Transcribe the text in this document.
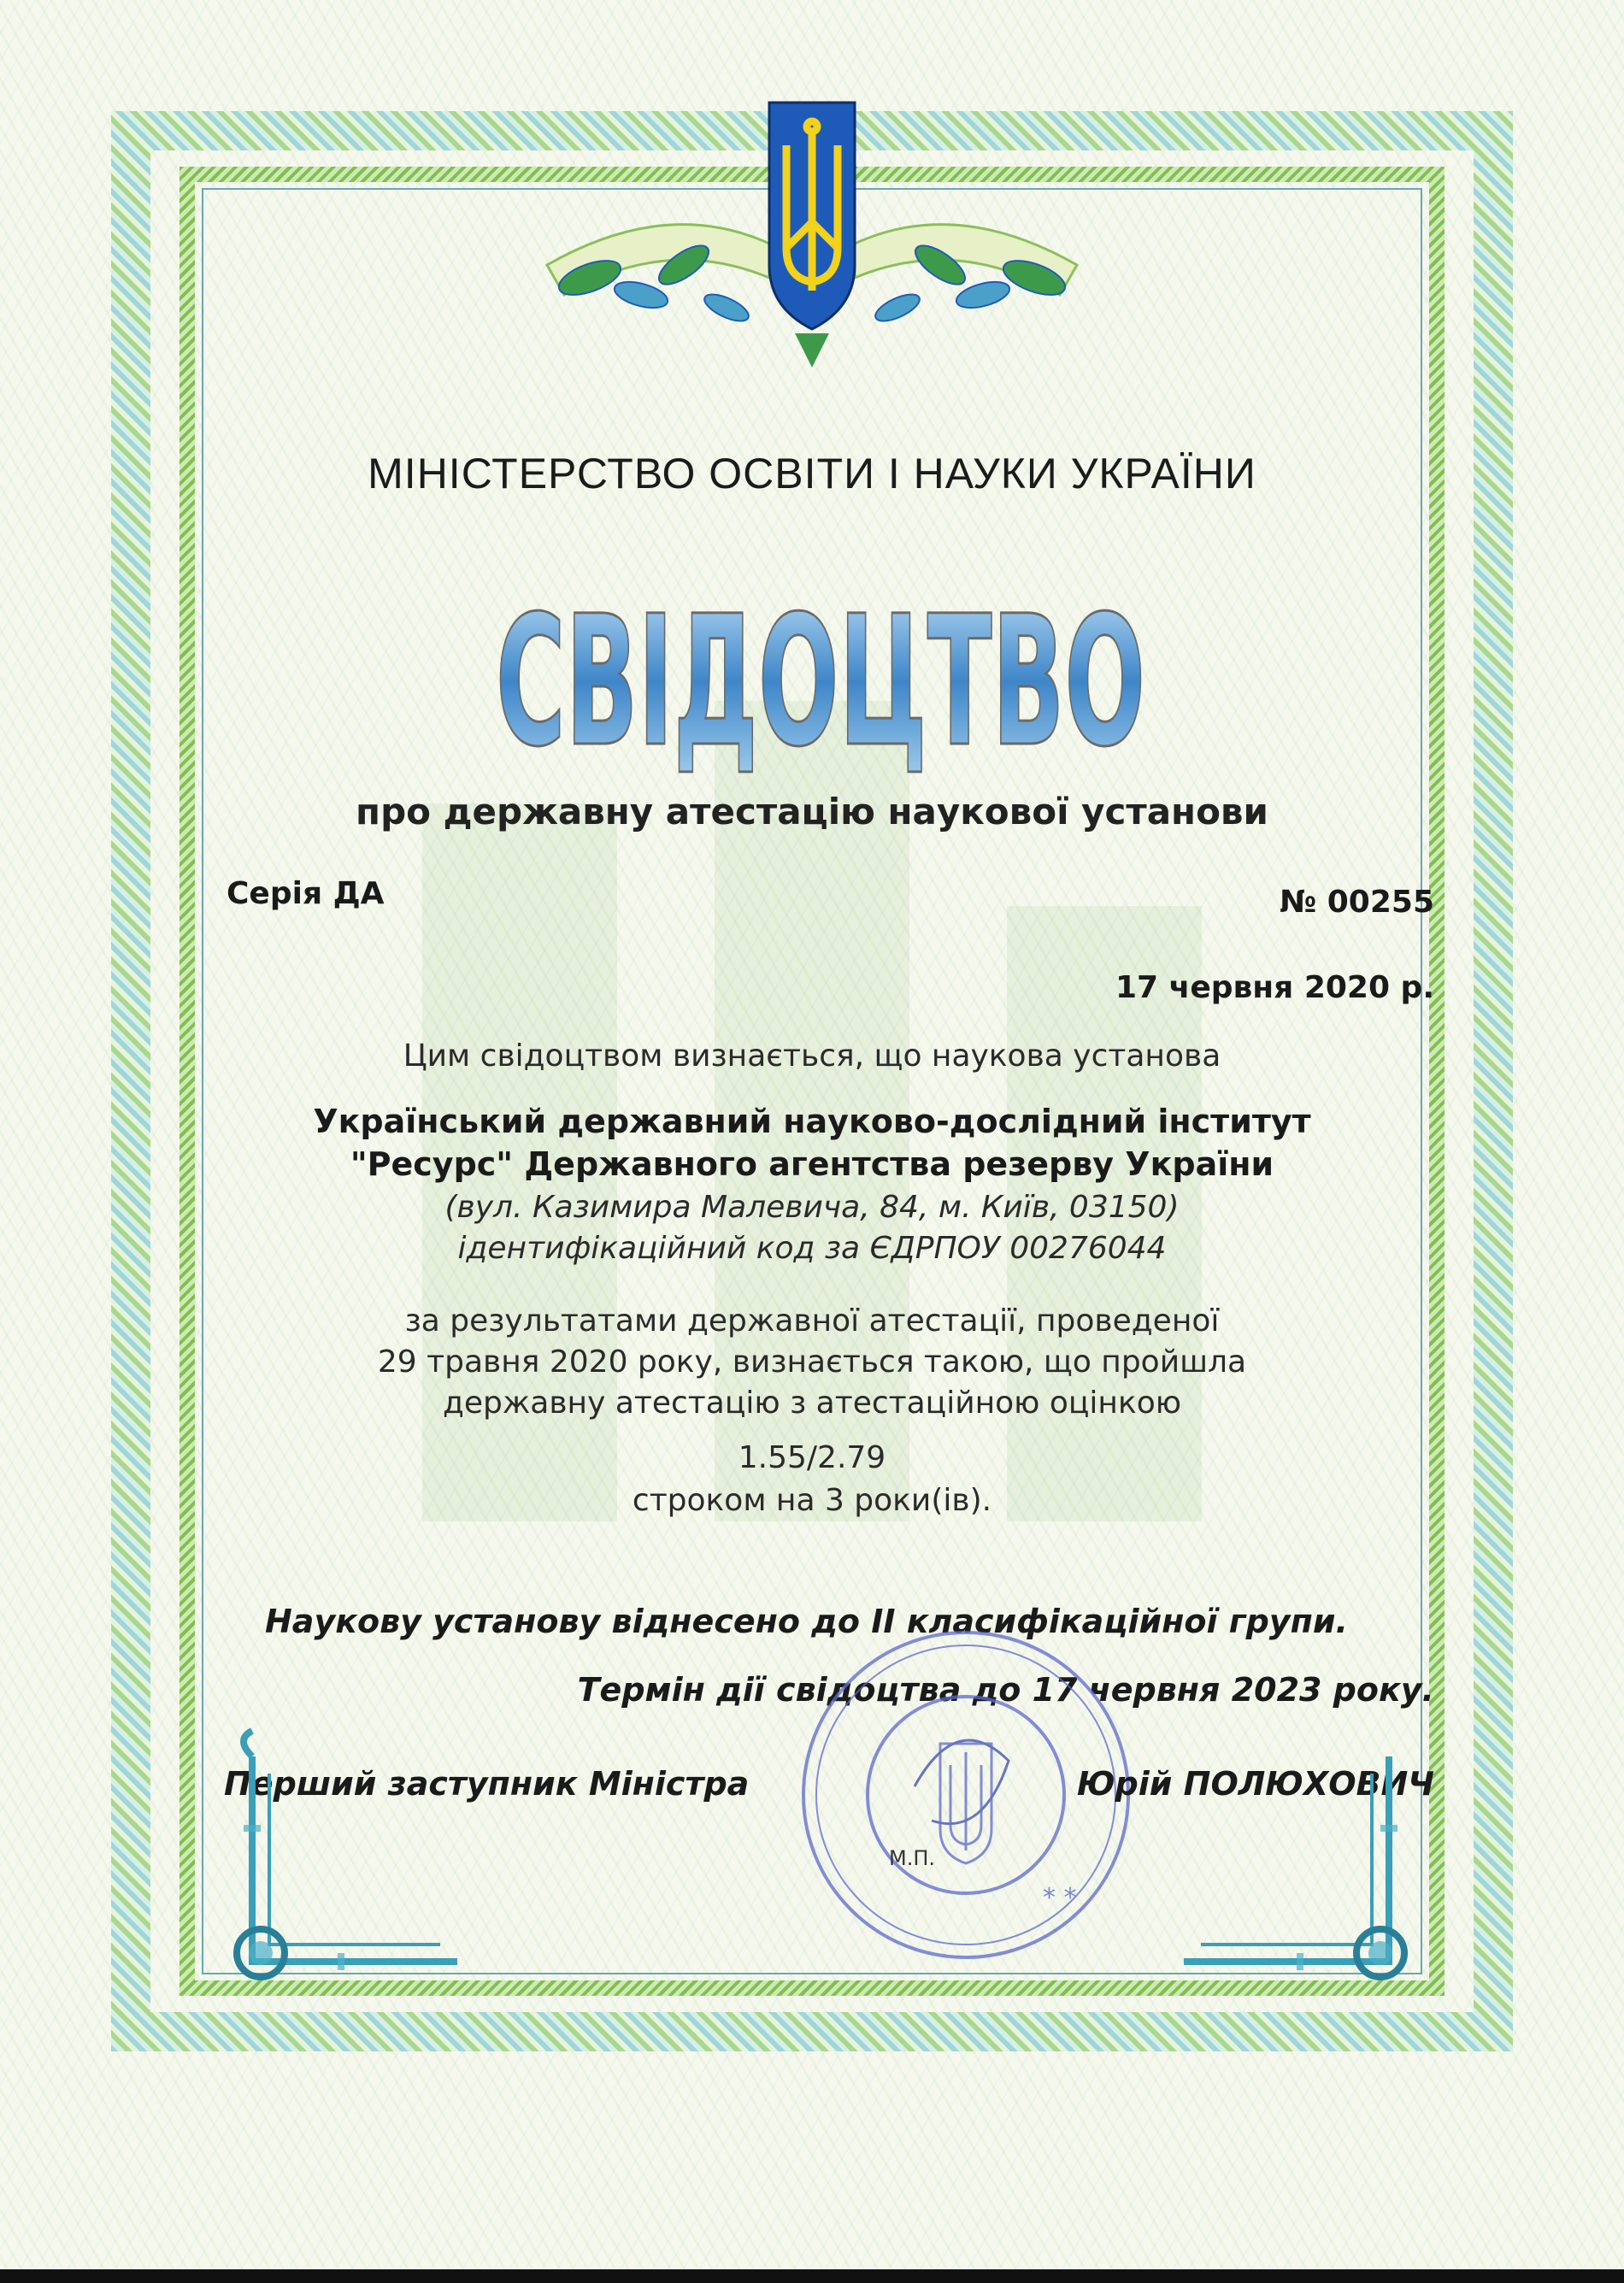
МІНІСТЕРСТВО ОСВІТИ І НАУКИ УКРАЇНИ
СВІДОЦТВО
про державну атестацію наукової установи
Серія ДА	№ 00255
17 червня 2020 р.
Цим свідоцтвом визнається, що наукова установа
Український державний науково-дослідний інститут
"Ресурс" Державного агентства резерву України
(вул. Казимира Малевича, 84, м. Київ, 03150)
ідентифікаційний код за ЄДРПОУ 00276044
за результатами державної атестації, проведеної
29 травня 2020 року, визнається такою, що пройшла
державну атестацію з атестаційною оцінкою
1.55/2.79
строком на 3 роки(ів).
Наукову установу віднесено до II класифікаційної групи.
Термін дії свідоцтва до 17 червня 2023 року.
* *
М.П.
Перший заступник Міністра	Юрій ПОЛЮХОВИЧ
